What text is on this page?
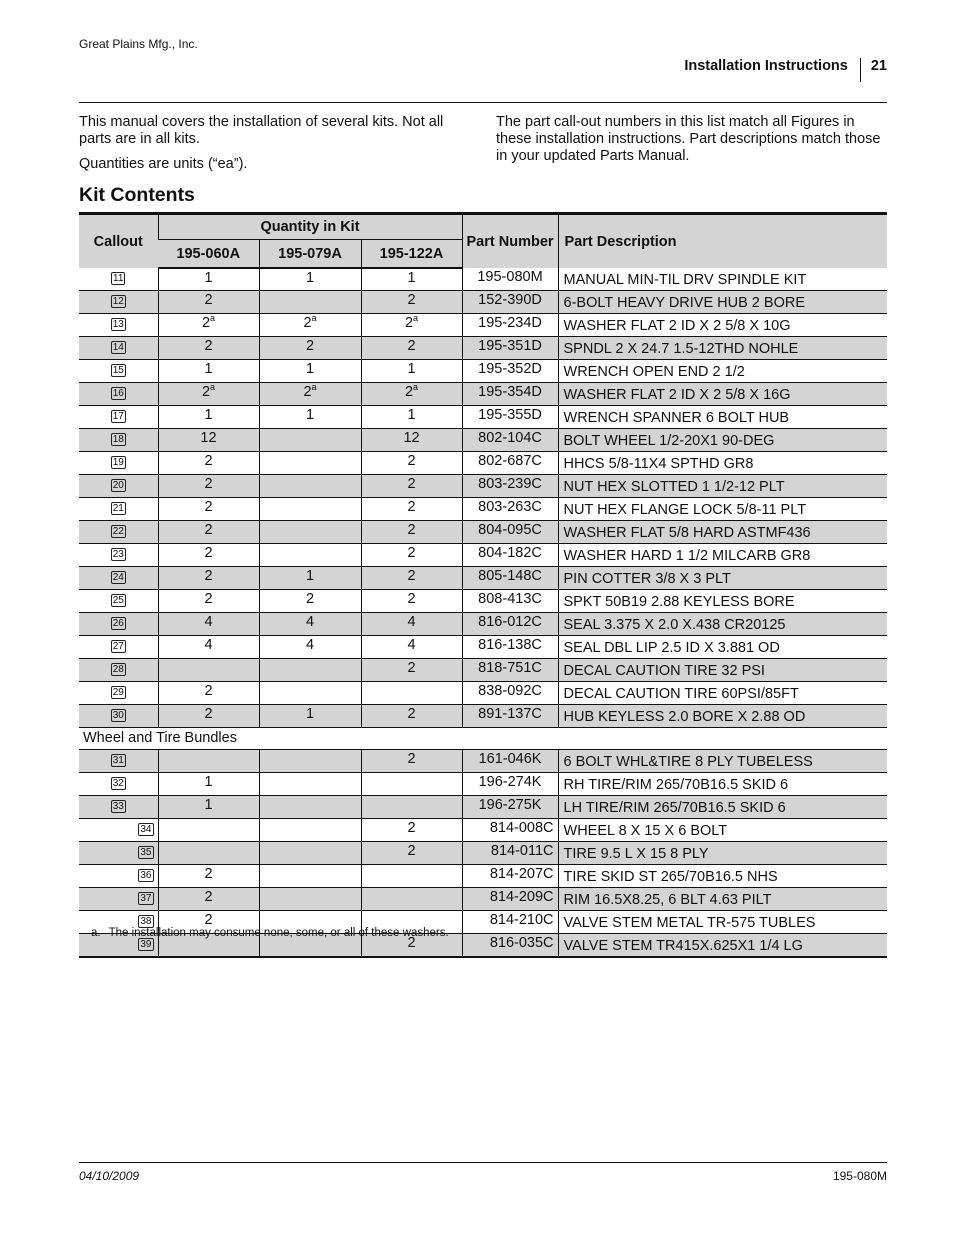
Great Plains Mfg., Inc.
Installation Instructions 21

This manual covers the installation of several kits. Not all parts are in all kits.

Quantities are units (“ea”).

The part call-out numbers in this list match all Figures in these installation instructions. Part descriptions match those in your updated Parts Manual.

Kit Contents
Callout	Quantity in Kit			Part Number	Part Description
	195-060A	195-079A	195-122A		
11	1	1	1	195-080M	MANUAL MIN-TIL DRV SPINDLE KIT
12	2		2	152-390D	6-BOLT HEAVY DRIVE HUB 2 BORE
13	2$^a$	2$^a$	2$^a$	195-234D	WASHER FLAT 2 ID X 2 5/8 X 10G
14	2	2	2	195-351D	SPNDL 2 X 24.7 1.5-12THD NOHLE
15	1	1	1	195-352D	WRENCH OPEN END 2 1/2
16	2$^a$	2$^a$	2$^a$	195-354D	WASHER FLAT 2 ID X 2 5/8 X 16G
17	1	1	1	195-355D	WRENCH SPANNER 6 BOLT HUB
18	12		12	802-104C	BOLT WHEEL 1/2-20X1 90-DEG
19	2		2	802-687C	HHCS 5/8-11X4 SPTHD GR8
20	2		2	803-239C	NUT HEX SLOTTED 1 1/2-12 PLT
21	2		2	803-263C	NUT HEX FLANGE LOCK 5/8-11 PLT
22	2		2	804-095C	WASHER FLAT 5/8 HARD ASTMF436
23	2		2	804-182C	WASHER HARD 1 1/2 MILCARB GR8
24	2	1	2	805-148C	PIN COTTER 3/8 X 3 PLT
25	2	2	2	808-413C	SPKT 50B19 2.88 KEYLESS BORE
26	4	4	4	816-012C	SEAL 3.375 X 2.0 X.438 CR20125
27	4	4	4	816-138C	SEAL DBL LIP 2.5 ID X 3.881 OD
28			2	818-751C	DECAL CAUTION TIRE 32 PSI
29	2			838-092C	DECAL CAUTION TIRE 60PSI/85FT
30	2	1	2	891-137C	HUB KEYLESS 2.0 BORE X 2.88 OD
Wheel and Tire Bundles					
31			2	161-046K	6 BOLT WHL&TIRE 8 PLY TUBELESS
32	1			196-274K	RH TIRE/RIM 265/70B16.5 SKID 6
33	1			196-275K	LH TIRE/RIM 265/70B16.5 SKID 6
34			2	814-008C	WHEEL 8 X 15 X 6 BOLT
35			2	814-011C	TIRE 9.5 L X 15 8 PLY
36	2			814-207C	TIRE SKID ST 265/70B16.5 NHS
37	2			814-209C	RIM 16.5X8.25, 6 BLT 4.63 PILT
38	2			814-210C	VALVE STEM METAL TR-575 TUBLES
39			2	816-035C	VALVE STEM TR415X.625X1 1/4 LG
a. The installation may consume none, some, or all of these washers.
04/10/2009	195-080M
